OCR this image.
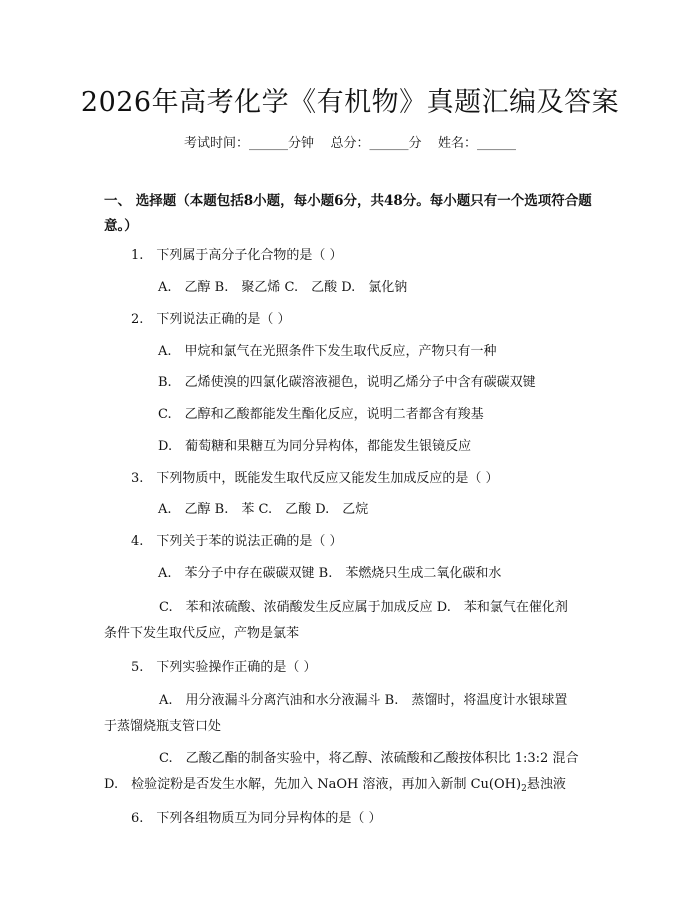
2026年高考化学《有机物》真题汇编及答案
考试时间：______分钟    总分：______分    姓名：______
一、 选择题（本题包括8小题，每小题6分，共48分。每小题只有一个选项符合题意。）
1.　下列属于高分子化合物的是（ ）
A.　乙醇 B.　聚乙烯 C.　乙酸 D.　氯化钠
2.　下列说法正确的是（ ）
A.　甲烷和氯气在光照条件下发生取代反应，产物只有一种
B.　乙烯使溴的四氯化碳溶液褪色，说明乙烯分子中含有碳碳双键
C.　乙醇和乙酸都能发生酯化反应，说明二者都含有羧基
D.　葡萄糖和果糖互为同分异构体，都能发生银镜反应
3.　下列物质中，既能发生取代反应又能发生加成反应的是（ ）
A.　乙醇 B.　苯 C.　乙酸 D.　乙烷
4.　下列关于苯的说法正确的是（ ）
A.　苯分子中存在碳碳双键 B.　苯燃烧只生成二氧化碳和水
　C.　苯和浓硫酸、浓硝酸发生反应属于加成反应 D.　苯和氯气在催化剂
条件下发生取代反应，产物是氯苯
5.　下列实验操作正确的是（ ）
　A.　用分液漏斗分离汽油和水分液漏斗 B.　蒸馏时，将温度计水银球置
于蒸馏烧瓶支管口处
　C.　乙酸乙酯的制备实验中，将乙醇、浓硫酸和乙酸按体积比 1:3:2 混合
D.　检验淀粉是否发生水解，先加入 NaOH 溶液，再加入新制 $Cu(OH)_2$悬浊液
6.　下列各组物质互为同分异构体的是（ ）
